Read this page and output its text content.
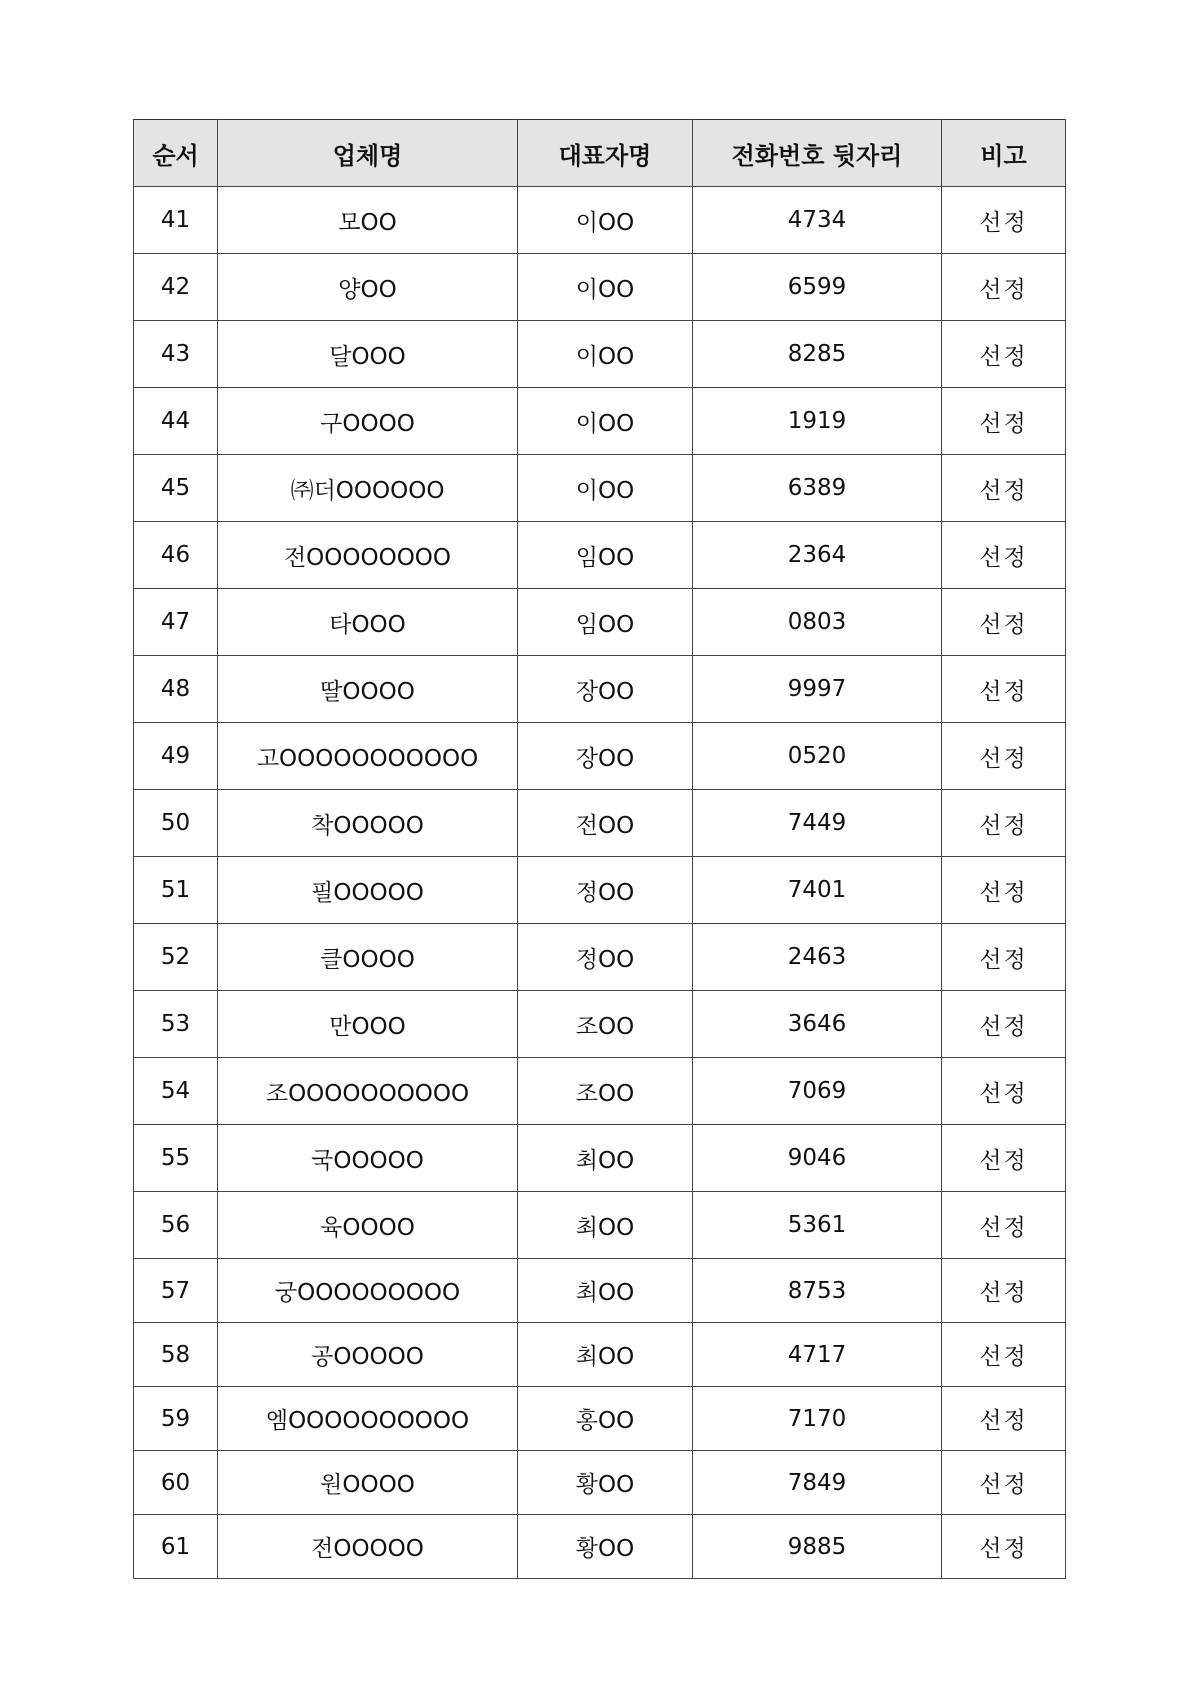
순서	업체명	대표자명	전화번호 뒷자리	비고
41	모OO	이OO	4734	선정
42	양OO	이OO	6599	선정
43	달OOO	이OO	8285	선정
44	구OOOO	이OO	1919	선정
45	㈜더OOOOOO	이OO	6389	선정
46	전OOOOOOOO	임OO	2364	선정
47	타OOO	임OO	0803	선정
48	딸OOOO	장OO	9997	선정
49	고OOOOOOOOOOO	장OO	0520	선정
50	착OOOOO	전OO	7449	선정
51	필OOOOO	정OO	7401	선정
52	클OOOO	정OO	2463	선정
53	만OOO	조OO	3646	선정
54	조OOOOOOOOOO	조OO	7069	선정
55	국OOOOO	최OO	9046	선정
56	육OOOO	최OO	5361	선정
57	궁OOOOOOOOO	최OO	8753	선정
58	공OOOOO	최OO	4717	선정
59	엠OOOOOOOOOO	홍OO	7170	선정
60	원OOOO	황OO	7849	선정
61	전OOOOO	황OO	9885	선정
